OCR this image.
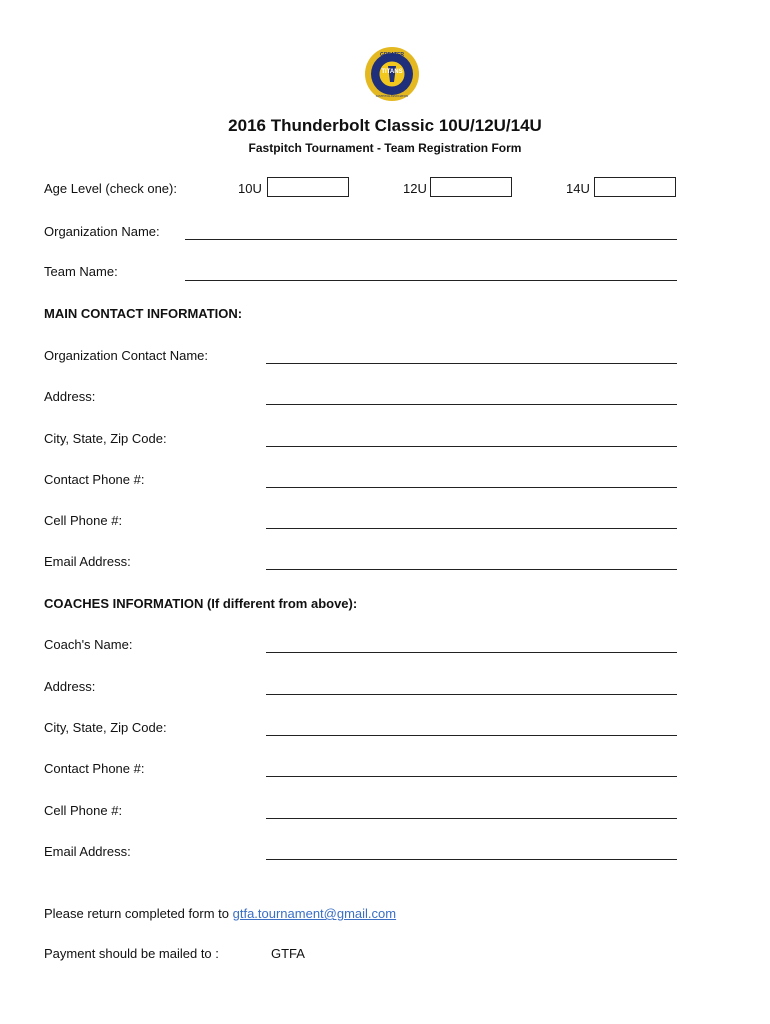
GREATER
TITANS
FASTPITCH ASSOCIATION
2016 Thunderbolt Classic 10U/12U/14U
Fastpitch Tournament - Team Registration Form
Age Level (check one):	10U	12U	14U
Organization Name:
Team Name:
MAIN CONTACT INFORMATION:
Organization Contact Name:
Address:
City, State, Zip Code:
Contact Phone #:
Cell Phone #:
Email Address:
COACHES INFORMATION (If different from above):
Coach's Name:
Address:
City, State, Zip Code:
Contact Phone #:
Cell Phone #:
Email Address:
Please return completed form to gtfa.tournament@gmail.com
Payment should be mailed to :	GTFA
